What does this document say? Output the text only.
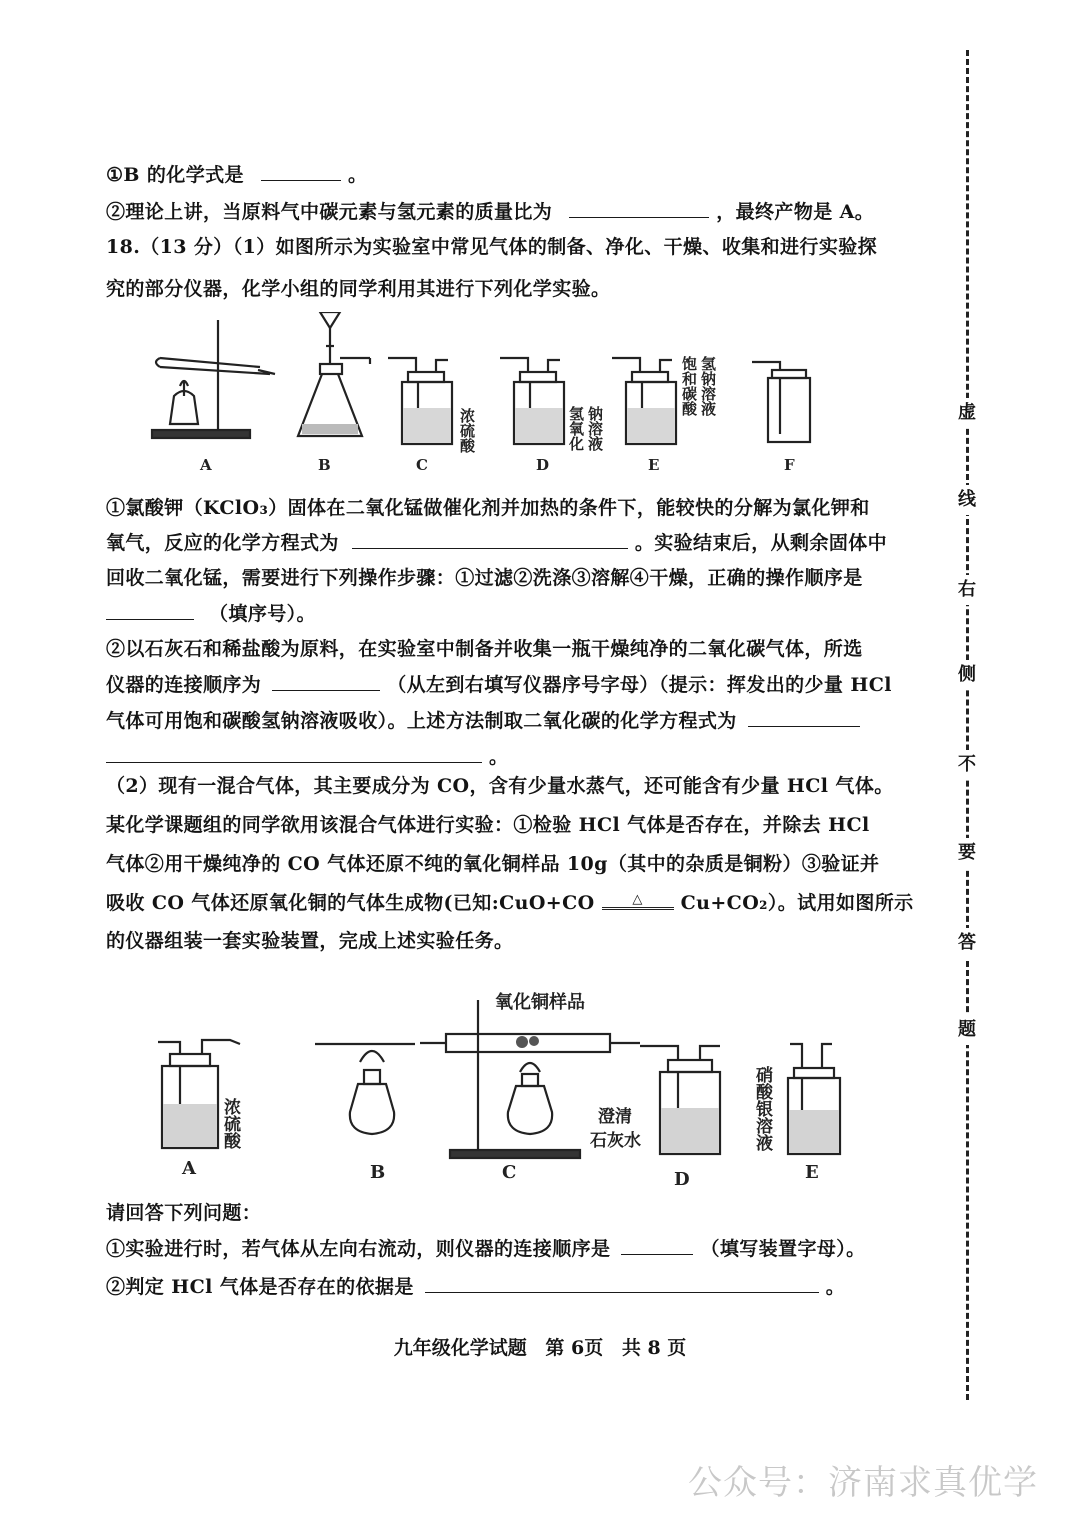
虚
线
右
侧
不
要
答
题
①B 的化学式是	。
②理论上讲，当原料气中碳元素与氢元素的质量比为	，最终产物是 A。
18.（13 分）（1）如图所示为实验室中常见气体的制备、净化、干燥、收集和进行实验探
究的部分仪器，化学小组的同学利用其进行下列化学实验。
浓硫酸	氢氧化 钠溶液
饱和碳酸 氢钠溶液
A	B	C	D	E	F
①氯酸钾（KClO₃）固体在二氧化锰做催化剂并加热的条件下，能较快的分解为氯化钾和
氧气，反应的化学方程式为	。实验结束后，从剩余固体中
回收二氧化锰，需要进行下列操作步骤：①过滤②洗涤③溶解④干燥，正确的操作顺序是
（填序号）。
②以石灰石和稀盐酸为原料，在实验室中制备并收集一瓶干燥纯净的二氧化碳气体，所选
仪器的连接顺序为	（从左到右填写仪器序号字母）（提示：挥发出的少量 HCl
气体可用饱和碳酸氢钠溶液吸收）。上述方法制取二氧化碳的化学方程式为
。
（2）现有一混合气体，其主要成分为 CO，含有少量水蒸气，还可能含有少量 HCl 气体。
某化学课题组的同学欲用该混合气体进行实验：①检验 HCl 气体是否存在，并除去 HCl
气体②用干燥纯净的 CO 气体还原不纯的氧化铜样品 10g（其中的杂质是铜粉）③验证并
吸收 CO 气体还原氧化铜的气体生成物(已知:CuO+CO	△ Cu+CO₂）。试用如图所示
的仪器组装一套实验装置，完成上述实验任务。
氧化铜样品
浓硫酸	澄清
石灰水	硝酸银溶液
A	B	C	D	E
请回答下列问题：
①实验进行时，若气体从左向右流动，则仪器的连接顺序是	（填写装置字母）。
②判定 HCl 气体是否存在的依据是	。
九年级化学试题 第 6页 共 8 页
公众号：济南求真优学
